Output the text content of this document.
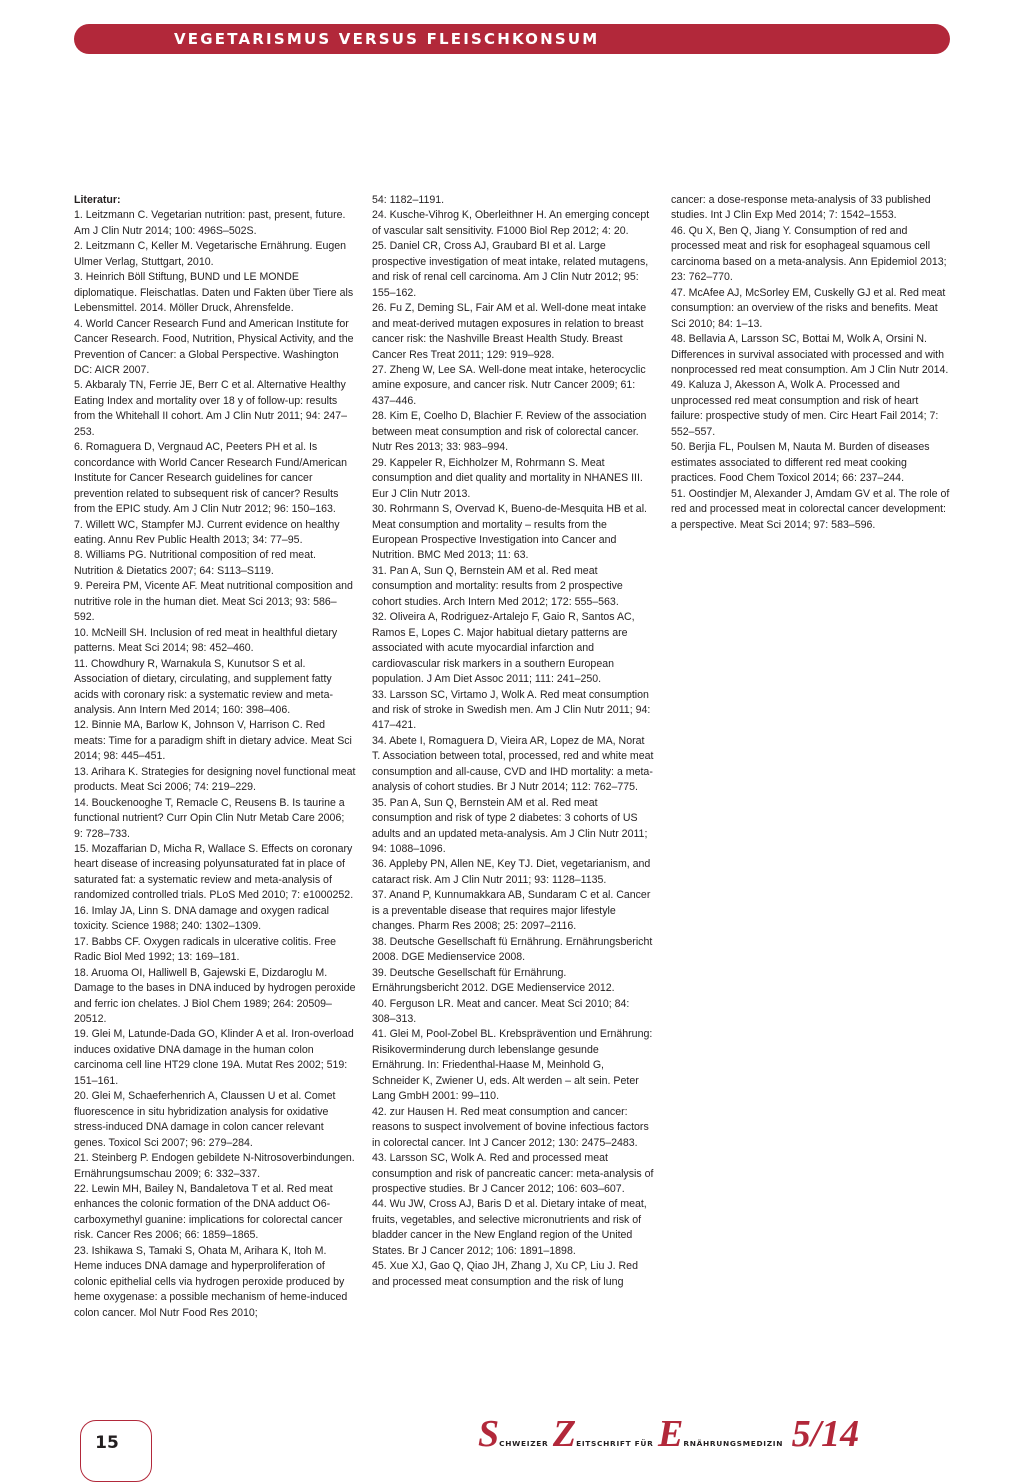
VEGETARISMUS VERSUS FLEISCHKONSUM
Literatur:
1. Leitzmann C. Vegetarian nutrition: past, present, future. Am J Clin Nutr 2014; 100: 496S–502S.
2. Leitzmann C, Keller M. Vegetarische Ernährung. Eugen Ulmer Verlag, Stuttgart, 2010.
3. Heinrich Böll Stiftung, BUND und LE MONDE diplomatique. Fleischatlas. Daten und Fakten über Tiere als Lebensmittel. 2014. Möller Druck, Ahrensfelde.
4. World Cancer Research Fund and American Institute for Cancer Research. Food, Nutrition, Physical Activity, and the Prevention of Cancer: a Global Perspective. Washington DC: AICR 2007.
5. Akbaraly TN, Ferrie JE, Berr C et al. Alternative Healthy Eating Index and mortality over 18 y of follow-up: results from the Whitehall II cohort. Am J Clin Nutr 2011; 94: 247–253.
6. Romaguera D, Vergnaud AC, Peeters PH et al. Is concordance with World Cancer Research Fund/American Institute for Cancer Research guidelines for cancer prevention related to subsequent risk of cancer? Results from the EPIC study. Am J Clin Nutr 2012; 96: 150–163.
7. Willett WC, Stampfer MJ. Current evidence on healthy eating. Annu Rev Public Health 2013; 34: 77–95.
8. Williams PG. Nutritional composition of red meat. Nutrition & Dietatics 2007; 64: S113–S119.
9. Pereira PM, Vicente AF. Meat nutritional composition and nutritive role in the human diet. Meat Sci 2013; 93: 586–592.
10. McNeill SH. Inclusion of red meat in healthful dietary patterns. Meat Sci 2014; 98: 452–460.
11. Chowdhury R, Warnakula S, Kunutsor S et al. Association of dietary, circulating, and supplement fatty acids with coronary risk: a systematic review and meta-analysis. Ann Intern Med 2014; 160: 398–406.
12. Binnie MA, Barlow K, Johnson V, Harrison C. Red meats: Time for a paradigm shift in dietary advice. Meat Sci 2014; 98: 445–451.
13. Arihara K. Strategies for designing novel functional meat products. Meat Sci 2006; 74: 219–229.
14. Bouckenooghe T, Remacle C, Reusens B. Is taurine a functional nutrient? Curr Opin Clin Nutr Metab Care 2006; 9: 728–733.
15. Mozaffarian D, Micha R, Wallace S. Effects on coronary heart disease of increasing polyunsaturated fat in place of saturated fat: a systematic review and meta-analysis of randomized controlled trials. PLoS Med 2010; 7: e1000252.
16. Imlay JA, Linn S. DNA damage and oxygen radical toxicity. Science 1988; 240: 1302–1309.
17. Babbs CF. Oxygen radicals in ulcerative colitis. Free Radic Biol Med 1992; 13: 169–181.
18. Aruoma OI, Halliwell B, Gajewski E, Dizdaroglu M. Damage to the bases in DNA induced by hydrogen peroxide and ferric ion chelates. J Biol Chem 1989; 264: 20509–20512.
19. Glei M, Latunde-Dada GO, Klinder A et al. Iron-overload induces oxidative DNA damage in the human colon carcinoma cell line HT29 clone 19A. Mutat Res 2002; 519: 151–161.
20. Glei M, Schaeferhenrich A, Claussen U et al. Comet fluorescence in situ hybridization analysis for oxidative stress-induced DNA damage in colon cancer relevant genes. Toxicol Sci 2007; 96: 279–284.
21. Steinberg P. Endogen gebildete N-Nitrosoverbindungen. Ernährungsumschau 2009; 6: 332–337.
22. Lewin MH, Bailey N, Bandaletova T et al. Red meat enhances the colonic formation of the DNA adduct O6-carboxymethyl guanine: implications for colorectal cancer risk. Cancer Res 2006; 66: 1859–1865.
23. Ishikawa S, Tamaki S, Ohata M, Arihara K, Itoh M. Heme induces DNA damage and hyperproliferation of colonic epithelial cells via hydrogen peroxide produced by heme oxygenase: a possible mechanism of heme-induced colon cancer. Mol Nutr Food Res 2010;
54: 1182–1191.
24. Kusche-Vihrog K, Oberleithner H. An emerging concept of vascular salt sensitivity. F1000 Biol Rep 2012; 4: 20.
25. Daniel CR, Cross AJ, Graubard BI et al. Large prospective investigation of meat intake, related mutagens, and risk of renal cell carcinoma. Am J Clin Nutr 2012; 95: 155–162.
26. Fu Z, Deming SL, Fair AM et al. Well-done meat intake and meat-derived mutagen exposures in relation to breast cancer risk: the Nashville Breast Health Study. Breast Cancer Res Treat 2011; 129: 919–928.
27. Zheng W, Lee SA. Well-done meat intake, heterocyclic amine exposure, and cancer risk. Nutr Cancer 2009; 61: 437–446.
28. Kim E, Coelho D, Blachier F. Review of the association between meat consumption and risk of colorectal cancer. Nutr Res 2013; 33: 983–994.
29. Kappeler R, Eichholzer M, Rohrmann S. Meat consumption and diet quality and mortality in NHANES III. Eur J Clin Nutr 2013.
30. Rohrmann S, Overvad K, Bueno-de-Mesquita HB et al. Meat consumption and mortality – results from the European Prospective Investigation into Cancer and Nutrition. BMC Med 2013; 11: 63.
31. Pan A, Sun Q, Bernstein AM et al. Red meat consumption and mortality: results from 2 prospective cohort studies. Arch Intern Med 2012; 172: 555–563.
32. Oliveira A, Rodriguez-Artalejo F, Gaio R, Santos AC, Ramos E, Lopes C. Major habitual dietary patterns are associated with acute myocardial infarction and cardiovascular risk markers in a southern European population. J Am Diet Assoc 2011; 111: 241–250.
33. Larsson SC, Virtamo J, Wolk A. Red meat consumption and risk of stroke in Swedish men. Am J Clin Nutr 2011; 94: 417–421.
34. Abete I, Romaguera D, Vieira AR, Lopez de MA, Norat T. Association between total, processed, red and white meat consumption and all-cause, CVD and IHD mortality: a meta-analysis of cohort studies. Br J Nutr 2014; 112: 762–775.
35. Pan A, Sun Q, Bernstein AM et al. Red meat consumption and risk of type 2 diabetes: 3 cohorts of US adults and an updated meta-analysis. Am J Clin Nutr 2011; 94: 1088–1096.
36. Appleby PN, Allen NE, Key TJ. Diet, vegetarianism, and cataract risk. Am J Clin Nutr 2011; 93: 1128–1135.
37. Anand P, Kunnumakkara AB, Sundaram C et al. Cancer is a preventable disease that requires major lifestyle changes. Pharm Res 2008; 25: 2097–2116.
38. Deutsche Gesellschaft fü Ernährung. Ernährungsbericht 2008. DGE Medienservice 2008.
39. Deutsche Gesellschaft für Ernährung. Ernährungsbericht 2012. DGE Medienservice 2012.
40. Ferguson LR. Meat and cancer. Meat Sci 2010; 84: 308–313.
41. Glei M, Pool-Zobel BL. Krebsprävention und Ernährung: Risikoverminderung durch lebenslange gesunde Ernährung. In: Friedenthal-Haase M, Meinhold G, Schneider K, Zwiener U, eds. Alt werden – alt sein. Peter Lang GmbH 2001: 99–110.
42. zur Hausen H. Red meat consumption and cancer: reasons to suspect involvement of bovine infectious factors in colorectal cancer. Int J Cancer 2012; 130: 2475–2483.
43. Larsson SC, Wolk A. Red and processed meat consumption and risk of pancreatic cancer: meta-analysis of prospective studies. Br J Cancer 2012; 106: 603–607.
44. Wu JW, Cross AJ, Baris D et al. Dietary intake of meat, fruits, vegetables, and selective micronutrients and risk of bladder cancer in the New England region of the United States. Br J Cancer 2012; 106: 1891–1898.
45. Xue XJ, Gao Q, Qiao JH, Zhang J, Xu CP, Liu J. Red and processed meat consumption and the risk of lung
cancer: a dose-response meta-analysis of 33 published studies. Int J Clin Exp Med 2014; 7: 1542–1553.
46. Qu X, Ben Q, Jiang Y. Consumption of red and processed meat and risk for esophageal squamous cell carcinoma based on a meta-analysis. Ann Epidemiol 2013; 23: 762–770.
47. McAfee AJ, McSorley EM, Cuskelly GJ et al. Red meat consumption: an overview of the risks and benefits. Meat Sci 2010; 84: 1–13.
48. Bellavia A, Larsson SC, Bottai M, Wolk A, Orsini N. Differences in survival associated with processed and with nonprocessed red meat consumption. Am J Clin Nutr 2014.
49. Kaluza J, Akesson A, Wolk A. Processed and unprocessed red meat consumption and risk of heart failure: prospective study of men. Circ Heart Fail 2014; 7: 552–557.
50. Berjia FL, Poulsen M, Nauta M. Burden of diseases estimates associated to different red meat cooking practices. Food Chem Toxicol 2014; 66: 237–244.
51. Oostindjer M, Alexander J, Amdam GV et al. The role of red and processed meat in colorectal cancer development: a perspective. Meat Sci 2014; 97: 583–596.
15	SCHWEIZER ZEITSCHRIFT FÜR ERNÄHRUNGSMEDIZIN 5/14
